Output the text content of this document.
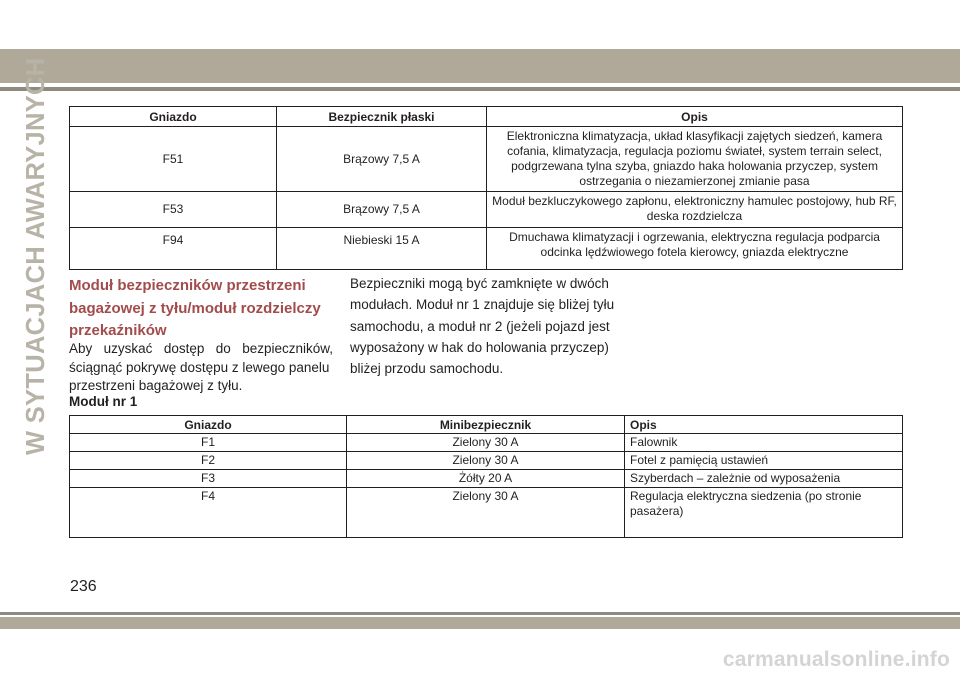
W SYTUACJACH AWARYJNYCH	Gniazdo	Bezpiecznik płaski	Opis
F51	Brązowy 7,5 A	Elektroniczna klimatyzacja, układ klasyfikacji zajętych siedzeń, kamera cofania, klimatyzacja, regulacja poziomu świateł, system terrain select, podgrzewana tylna szyba, gniazdo haka holowania przyczep, system ostrzegania o niezamierzonej zmianie pasa
F53	Brązowy 7,5 A	Moduł bezkluczykowego zapłonu, elektroniczny hamulec postojowy, hub RF, deska rozdzielcza
F94	Niebieski 15 A	Dmuchawa klimatyzacji i ogrzewania, elektryczna regulacja podparcia odcinka lędźwiowego fotela kierowcy, gniazda elektryczne
Moduł bezpieczników przestrzeni bagażowej z tyłu/moduł rozdzielczy przekaźników
Aby uzyskać dostęp do bezpieczników, ściągnąć pokrywę dostępu z lewego panelu
przestrzeni bagażowej z tyłu.
Moduł nr 1
Bezpieczniki mogą być zamknięte w dwóch modułach. Moduł nr 1 znajduje się bliżej tyłu samochodu, a moduł nr 2 (jeżeli pojazd jest wyposażony w hak do holowania przyczep) bliżej przodu samochodu.
Gniazdo	Minibezpiecznik	Opis
F1	Zielony 30 A	Falownik
F2	Zielony 30 A	Fotel z pamięcią ustawień
F3	Żółty 20 A	Szyberdach – zależnie od wyposażenia
F4	Zielony 30 A	Regulacja elektryczna siedzenia (po stronie pasażera)
236
carmanualsonline.info
